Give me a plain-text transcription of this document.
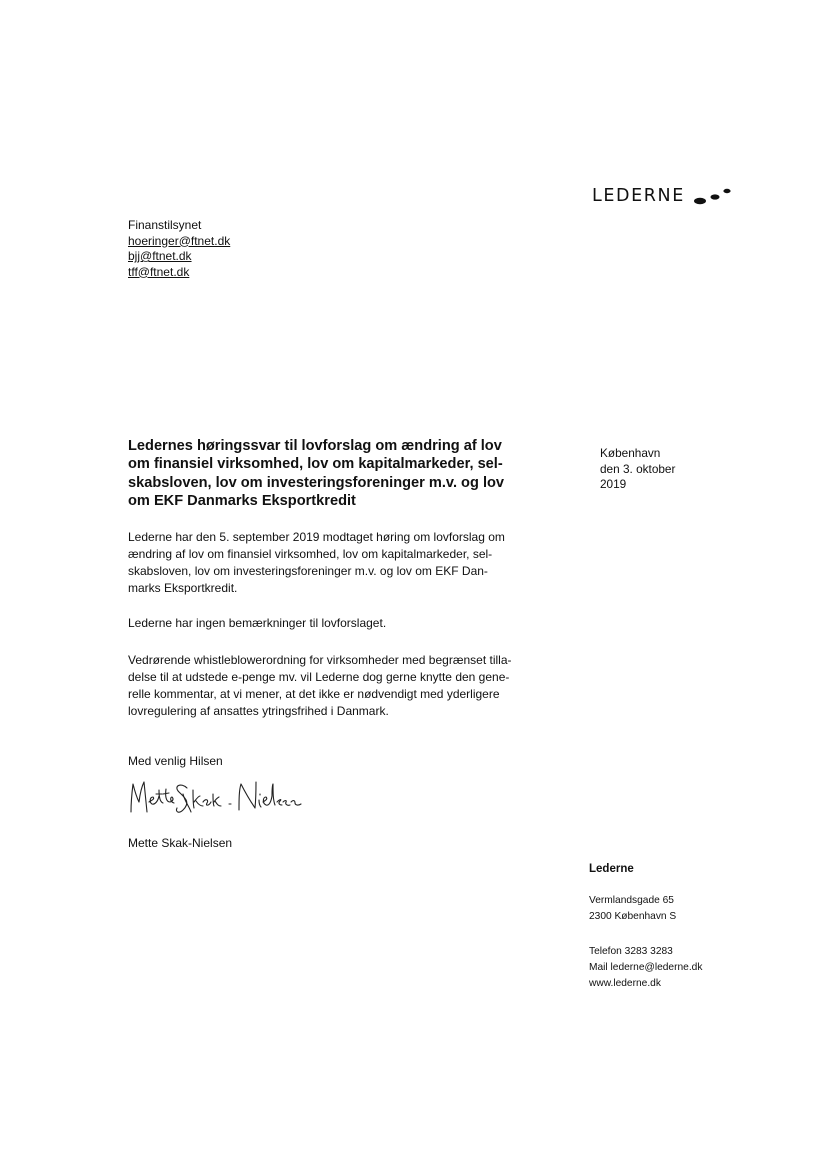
LEDERNE
Finanstilsynet
hoeringer@ftnet.dk
bjj@ftnet.dk
tff@ftnet.dk
Ledernes høringssvar til lovforslag om ændring af lov
om finansiel virksomhed, lov om kapitalmarkeder, sel-
skabsloven, lov om investeringsforeninger m.v. og lov
om EKF Danmarks Eksportkredit
København
den 3. oktober
2019
Lederne har den 5. september 2019 modtaget høring om lovforslag om
ændring af lov om finansiel virksomhed, lov om kapitalmarkeder, sel-
skabsloven, lov om investeringsforeninger m.v. og lov om EKF Dan-
marks Eksportkredit.
Lederne har ingen bemærkninger til lovforslaget.
Vedrørende whistleblowerordning for virksomheder med begrænset tilla-
delse til at udstede e-penge mv. vil Lederne dog gerne knytte den gene-
relle kommentar, at vi mener, at det ikke er nødvendigt med yderligere
lovregulering af ansattes ytringsfrihed i Danmark.
Med venlig Hilsen
Mette Skak-Nielsen
Lederne
Vermlandsgade 65
2300 København S
Telefon 3283 3283
Mail lederne@lederne.dk
www.lederne.dk
